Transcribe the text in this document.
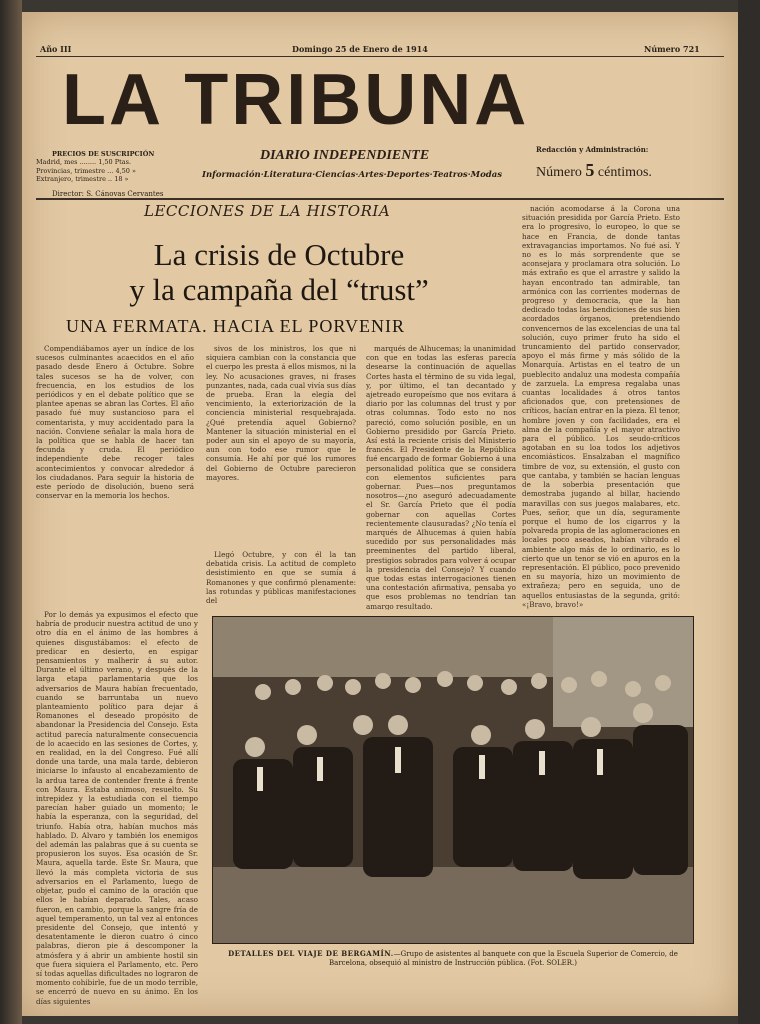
Año III	Domingo 25 de Enero de 1914	Número 721
LA TRIBUNA
DIARIO INDEPENDIENTE
Información·Literatura·Ciencias·Artes·Deportes·Teatros·Modas
PRECIOS DE SUSCRIPCIÓN
Madrid, mes ........ 1,50 Ptas.
Provincias, trimestre ... 4,50 »
Extranjero, trimestre .. 18 »
Director: S. Cánovas Cervantes
Redacción y Administración:
Número 5 céntimos.
LECCIONES DE LA HISTORIA
La crisis de Octubre
y la campaña del “trust”
UNA FERMATA. HACIA EL PORVENIR

Compendiábamos ayer un índice de los sucesos culminantes acaecidos en el año pasado desde Enero á Octubre. Sobre tales sucesos se ha de volver, con frecuencia, en los estudios de los periódicos y en el debate político que se plantee apenas se abran las Cortes. El año pasado fué muy sustancioso para el comentarista, y muy accidentado para la nación. Conviene señalar la mala hora de la política que se habla de hacer tan fecunda y cruda. El periódico independiente debe recoger tales acontecimientos y convocar alrededor á los ciudadanos. Para seguir la historia de este período de disolución, bueno será conservar en la memoria los hechos.

Por lo demás ya expusimos el efecto que habría de producir nuestra actitud de uno y otro día en el ánimo de las hombres á quienes disgustábamos: el efecto de predicar en desierto, en espigar pensamientos y malherir á su autor. Durante el último verano, y después de la larga etapa parlamentaria que los adversarios de Maura habían frecuentado, cuando se barruntaba un nuevo planteamiento político para dejar á Romanones el deseado propósito de abandonar la Presidencia del Consejo. Esta actitud parecía naturalmente consecuencia de lo acaecido en las sesiones de Cortes, y, en realidad, en la del Congreso. Fué allí donde una tarde, una mala tarde, debieron iniciarse lo infausto al encabezamiento de la ardua tarea de contender frente á frente con Maura. Estaba animoso, resuelto. Su intrepidez y la estudiada con el tiempo parecían haber guiado un momento; le había la esperanza, con la seguridad, del triunfo. Había otra, habían muchos más hablado. D. Alvaro y también los enemigos del ademán las palabras que á su cuenta se propusieron los suyos. Esa ocasión de Sr. Maura, aquella tarde. Este Sr. Maura, que llevó la más completa victoria de sus adversarios en el Parlamento, luego de objetar, pudo el camino de la oración que ellos le habían deparado. Tales, acaso fueron, en cambio, porque la sangre fría de aquel temperamento, un tal vez al entonces presidente del Consejo, que intentó y desatentamente le dieron cuatro ó cinco palabras, dieron pie á descomponer la atmósfera y á abrir un ambiente hostil sin que fuera siquiera el Parlamento, etc. Pero sí todas aquellas dificultades no lograron de momento cohibirle, fue de un modo terrible, se encerró de nuevo en su ánimo. En los días siguientes

sivos de los ministros, los que ni siquiera cambian con la constancia que el cuerpo les presta á ellos mismos, ni la ley. No acusaciones graves, ni frases punzantes, nada, cada cual vivía sus días de prueba. Eran la elegía del vencimiento, la exteriorización de la conciencia ministerial resquebrajada. ¿Qué pretendía aquel Gobierno? Mantener la situación ministerial en el poder aun sin el apoyo de su mayoría, aun con todo ese rumor que le consumía. He ahí por qué los rumores del Gobierno de Octubre parecieron mayores.

Llegó Octubre, y con él la tan debatida crisis. La actitud de completo desistimiento en que se sumía á Romanones y que confirmó plenamente: las rotundas y públicas manifestaciones del

marqués de Alhucemas; la unanimidad con que en todas las esferas parecía desearse la continuación de aquellas Cortes hasta el término de su vida legal, y, por último, el tan decantado y ajetreado europeísmo que nos evitara á diario por las columnas del trust y por otras columnas. Todo esto no nos pareció, como solución posible, en un Gobierno presidido por García Prieto. Así está la reciente crisis del Ministerio francés. El Presidente de la República fué encargado de formar Gobierno á una personalidad política que se considera con elementos suficientes para gobernar. Pues—nos preguntamos nosotros—¿no aseguró adecuadamente el Sr. García Prieto que él podía gobernar con aquellas Cortes recientemente clausuradas? ¿No tenía el marqués de Alhucemas á quien había sucedido por sus personalidades más preeminentes del partido liberal, prestigios sobrados para volver á ocupar la presidencia del Consejo? Y cuando que todas estas interrogaciones tienen una contestación afirmativa, pensaba yo que esos problemas no tendrían tan amargo resultado.

nación acomodarse á la Corona una situación presidida por García Prieto. Esto era lo progresivo, lo europeo, lo que se hace en Francia, de donde tantas extravagancias importamos. No fué así. Y no es lo más sorprendente que se aconsejara y proclamara otra solución. Lo más extraño es que el arrastre y salido la hayan encontrado tan admirable, tan armónica con las corrientes modernas de progreso y democracia, que la han dedicado todas las bendiciones de sus bien acordados órganos, pretendiendo convencernos de las excelencias de una tal solución, cuyo primer fruto ha sido el truncamiento del partido conservador, apoyo el más firme y más sólido de la Monarquía. Artistas en el teatro de un pueblecito andaluz una modesta compañía de zarzuela. La empresa regalaba unas cuantas localidades á otros tantos aficionados que, con pretensiones de críticos, hacían entrar en la pieza. El tenor, hombre joven y con facilidades, era el alma de la compañía y el mayor atractivo para el público. Los seudo-críticos agotaban en su loa todos los adjetivos encomiásticos. Ensalzaban el magnífico timbre de voz, su extensión, el gusto con que cantaba, y también se hacían lenguas de la soberbia presentación que demostraba jugando al billar, haciendo maravillas con sus juegos malabares, etc. Pues, señor, que un día, seguramente porque el humo de los cigarros y la polvareda propia de las aglomeraciones en locales poco aseados, habían vibrado el ambiente algo más de lo ordinario, es lo cierto que un tenor se vió en apuros en la representación. El público, poco prevenido en su mayoría, hizo un movimiento de extrañeza; pero en seguida, uno de aquellos entusiastas de la segunda, gritó: «¡Bravo, bravo!»

DETALLES DEL VIAJE DE BERGAMÍN.—Grupo de asistentes al banquete con que la Escuela Superior de Comercio, de Barcelona, obsequió al ministro de Instrucción pública. (Fot. SOLER.)
